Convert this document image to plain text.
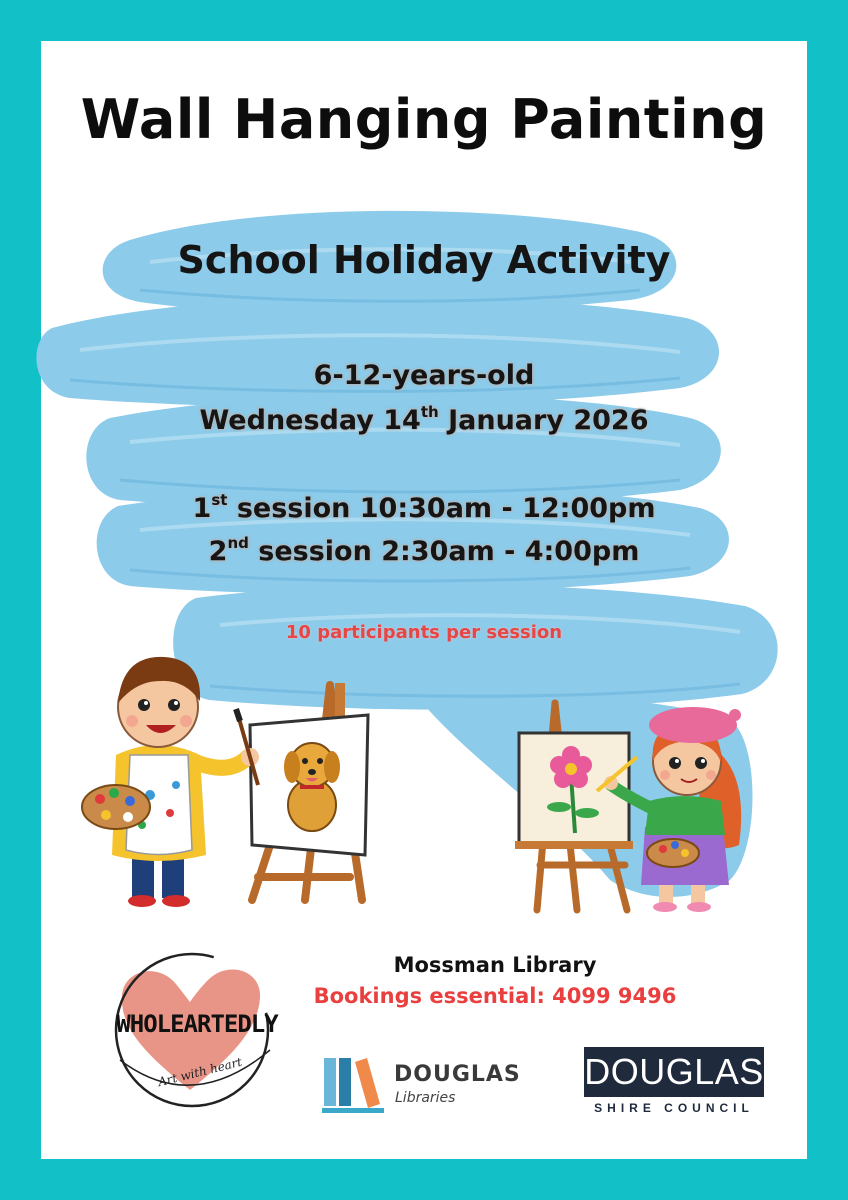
Wall Hanging Painting
School Holiday Activity
6-12-years-old
Wednesday 14th January 2026
1st session 10:30am - 12:00pm
2nd session 2:30am - 4:00pm
10 participants per session
Mossman Library
Bookings essential: 4099 9496
WHOLEARTEDLY
Art with heart	DOUGLAS
Libraries
DOUGLAS
SHIRE COUNCIL
